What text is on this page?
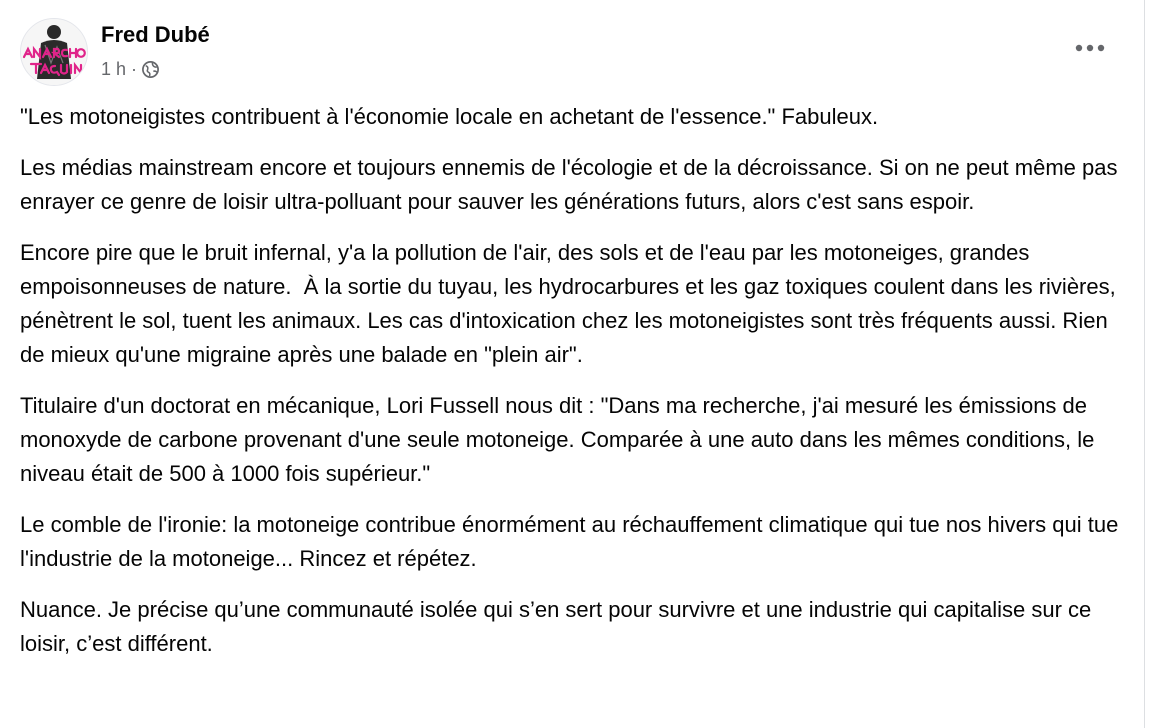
Fred Dubé
1 h ·

"Les motoneigistes contribuent à l'économie locale en achetant de l'essence." Fabuleux.

Les médias mainstream encore et toujours ennemis de l'écologie et de la décroissance. Si on ne peut même pas enrayer ce genre de loisir ultra-polluant pour sauver les générations futurs, alors c'est sans espoir.

Encore pire que le bruit infernal, y'a la pollution de l'air, des sols et de l'eau par les motoneiges, grandes empoisonneuses de nature.  À la sortie du tuyau, les hydrocarbures et les gaz toxiques coulent dans les rivières, pénètrent le sol, tuent les animaux. Les cas d'intoxication chez les motoneigistes sont très fréquents aussi. Rien de mieux qu'une migraine après une balade en "plein air".

Titulaire d'un doctorat en mécanique, Lori Fussell nous dit : "Dans ma recherche, j'ai mesuré les émissions de monoxyde de carbone provenant d'une seule motoneige. Comparée à une auto dans les mêmes conditions, le niveau était de 500 à 1000 fois supérieur."

Le comble de l'ironie: la motoneige contribue énormément au réchauffement climatique qui tue nos hivers qui tue l'industrie de la motoneige... Rincez et répétez.

Nuance. Je précise qu’une communauté isolée qui s’en sert pour survivre et une industrie qui capitalise sur ce loisir, c’est différent.
